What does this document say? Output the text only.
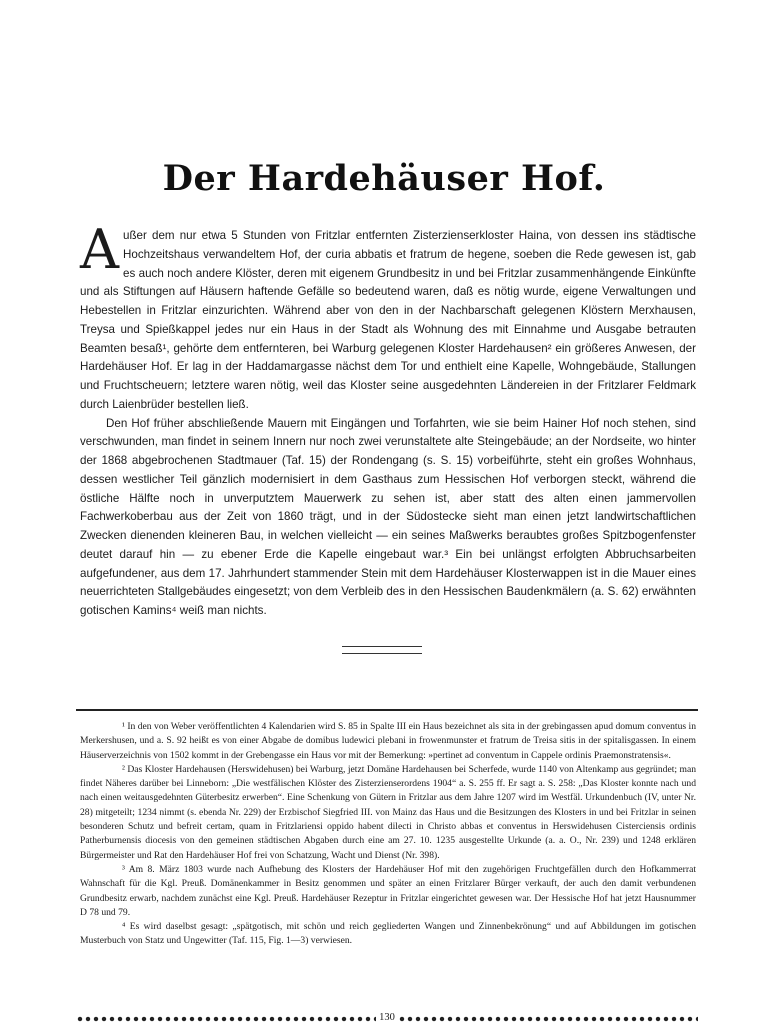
Der Hardehäuser Hof.

Außer dem nur etwa 5 Stunden von Fritzlar entfernten Zisterzienserkloster Haina, von dessen ins städtische Hochzeitshaus verwandeltem Hof, der curia abbatis et fratrum de hegene, soeben die Rede gewesen ist, gab es auch noch andere Klöster, deren mit eigenem Grundbesitz in und bei Fritzlar zusammenhängende Einkünfte und als Stiftungen auf Häusern haftende Gefälle so bedeutend waren, daß es nötig wurde, eigene Verwaltungen und Hebestellen in Fritzlar einzurichten. Während aber von den in der Nachbarschaft gelegenen Klöstern Merxhausen, Treysa und Spießkappel jedes nur ein Haus in der Stadt als Wohnung des mit Einnahme und Ausgabe betrauten Beamten besaß¹, gehörte dem entfernteren, bei Warburg gelegenen Kloster Hardehausen² ein größeres Anwesen, der Hardehäuser Hof. Er lag in der Haddamargasse nächst dem Tor und enthielt eine Kapelle, Wohngebäude, Stallungen und Fruchtscheuern; letztere waren nötig, weil das Kloster seine ausgedehnten Ländereien in der Fritzlarer Feldmark durch Laienbrüder bestellen ließ.

Den Hof früher abschließende Mauern mit Eingängen und Torfahrten, wie sie beim Hainer Hof noch stehen, sind verschwunden, man findet in seinem Innern nur noch zwei verunstaltete alte Steingebäude; an der Nordseite, wo hinter der 1868 abgebrochenen Stadtmauer (Taf. 15) der Rondengang (s. S. 15) vorbeiführte, steht ein großes Wohnhaus, dessen westlicher Teil gänzlich modernisiert in dem Gasthaus zum Hessischen Hof verborgen steckt, während die östliche Hälfte noch in unverputztem Mauerwerk zu sehen ist, aber statt des alten einen jammervollen Fachwerkoberbau aus der Zeit von 1860 trägt, und in der Südostecke sieht man einen jetzt landwirtschaftlichen Zwecken dienenden kleineren Bau, in welchen vielleicht — ein seines Maßwerks beraubtes großes Spitzbogenfenster deutet darauf hin — zu ebener Erde die Kapelle eingebaut war.³ Ein bei unlängst erfolgten Abbruchsarbeiten aufgefundener, aus dem 17. Jahrhundert stammender Stein mit dem Hardehäuser Klosterwappen ist in die Mauer eines neuerrichteten Stallgebäudes eingesetzt; von dem Verbleib des in den Hessischen Baudenkmälern (a. S. 62) erwähnten gotischen Kamins⁴ weiß man nichts.

¹ In den von Weber veröffentlichten 4 Kalendarien wird S. 85 in Spalte III ein Haus bezeichnet als sita in der grebingassen apud domum conventus in Merkershusen, und a. S. 92 heißt es von einer Abgabe de domibus ludewici plebani in frowenmunster et fratrum de Treisa sitis in der spitalisgassen. In einem Häuserverzeichnis von 1502 kommt in der Grebengasse ein Haus vor mit der Bemerkung: »pertinet ad conventum in Cappele ordinis Praemonstratensis«.

² Das Kloster Hardehausen (Herswidehusen) bei Warburg, jetzt Domäne Hardehausen bei Scherfede, wurde 1140 von Altenkamp aus gegründet; man findet Näheres darüber bei Linneborn: „Die westfälischen Klöster des Zisterzienserordens 1904“ a. S. 255 ff. Er sagt a. S. 258: „Das Kloster konnte nach und nach einen weitausgedehnten Güterbesitz erwerben“. Eine Schenkung von Gütern in Fritzlar aus dem Jahre 1207 wird im Westfäl. Urkundenbuch (IV, unter Nr. 28) mitgeteilt; 1234 nimmt (s. ebenda Nr. 229) der Erzbischof Siegfried III. von Mainz das Haus und die Besitzungen des Klosters in und bei Fritzlar in seinen besonderen Schutz und befreit certam, quam in Fritzlariensi oppido habent dilecti in Christo abbas et conventus in Herswidehusen Cisterciensis ordinis Patherburnensis diocesis von den gemeinen städtischen Abgaben durch eine am 27. 10. 1235 ausgestellte Urkunde (a. a. O., Nr. 239) und 1248 erklären Bürgermeister und Rat den Hardehäuser Hof frei von Schatzung, Wacht und Dienst (Nr. 398).

³ Am 8. März 1803 wurde nach Aufhebung des Klosters der Hardehäuser Hof mit den zugehörigen Fruchtgefällen durch den Hofkammerrat Wahnschaft für die Kgl. Preuß. Domänenkammer in Besitz genommen und später an einen Fritzlarer Bürger verkauft, der auch den damit verbundenen Grundbesitz erwarb, nachdem zunächst eine Kgl. Preuß. Hardehäuser Rezeptur in Fritzlar eingerichtet gewesen war. Der Hessische Hof hat jetzt Hausnummer D 78 und 79.

⁴ Es wird daselbst gesagt: „spätgotisch, mit schön und reich gegliederten Wangen und Zinnenbekrönung“ und auf Abbildungen im gotischen Musterbuch von Statz und Ungewitter (Taf. 115, Fig. 1—3) verwiesen.

130
